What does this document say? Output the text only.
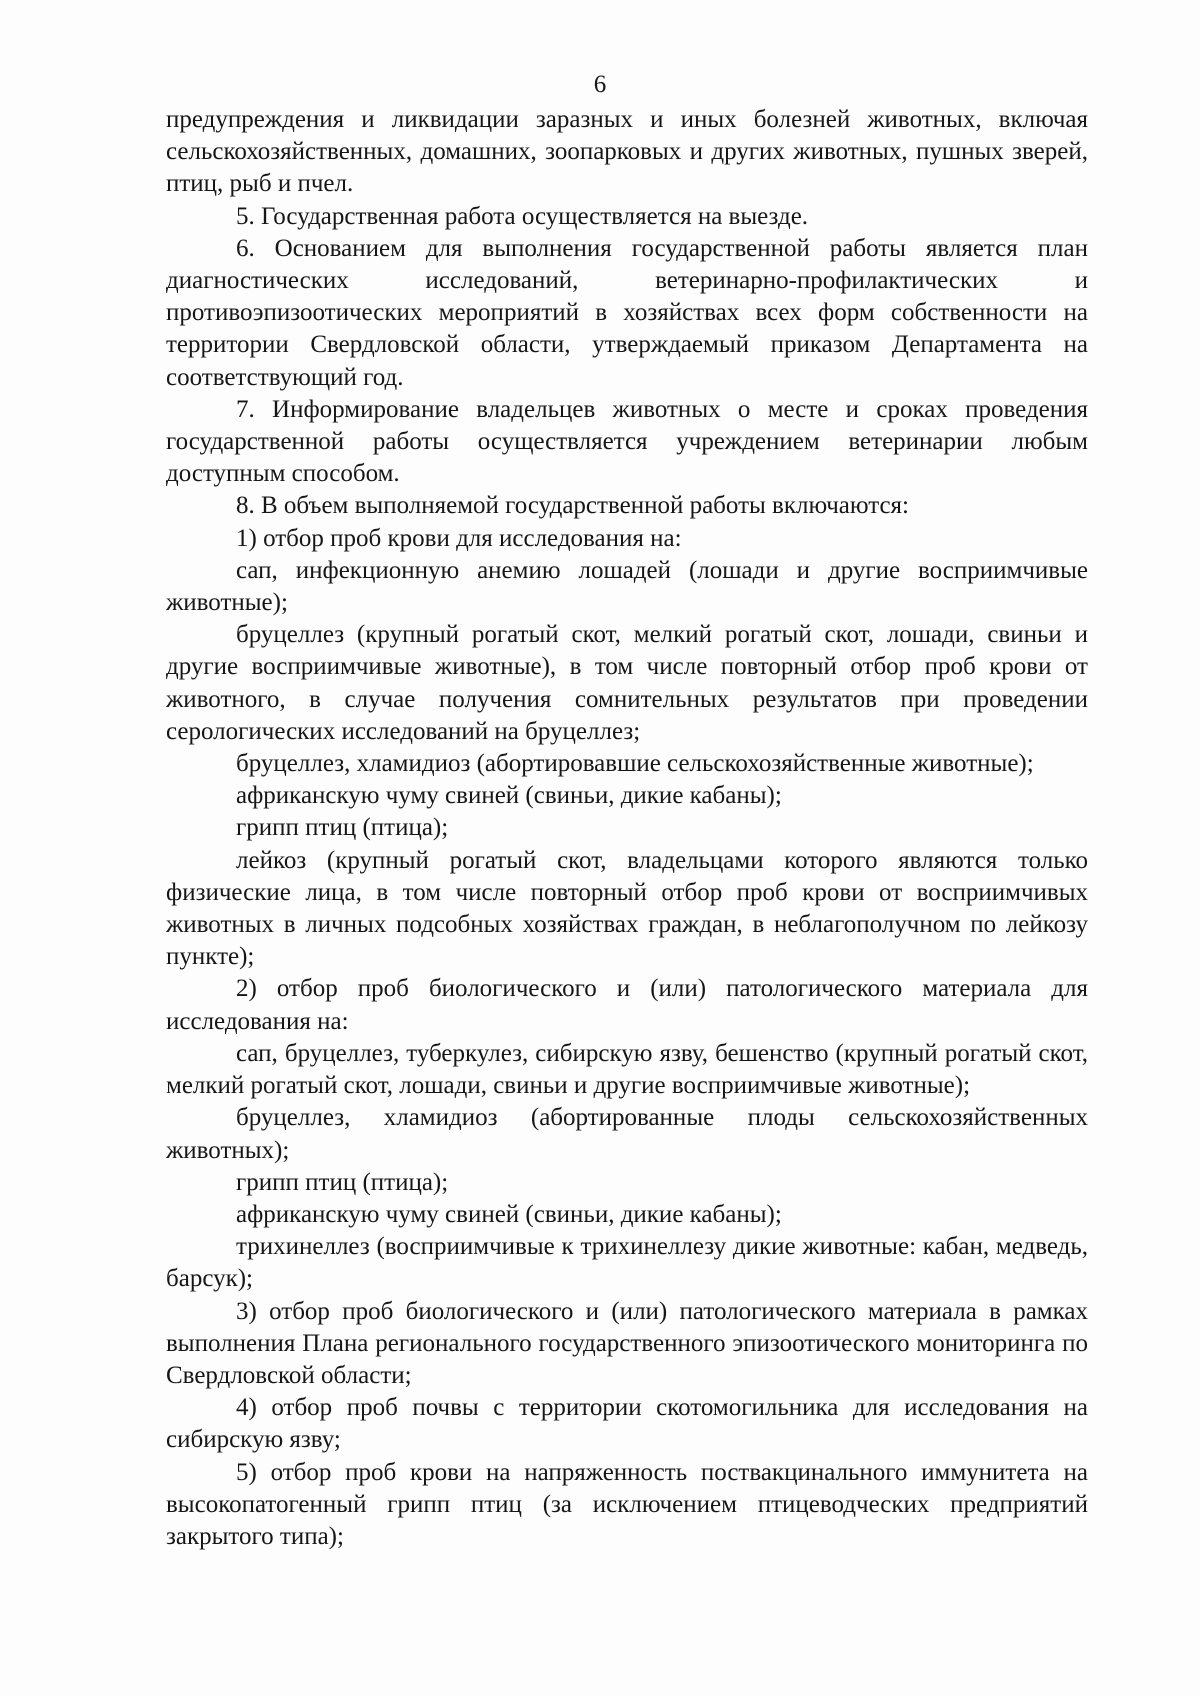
6

предупреждения и ликвидации заразных и иных болезней животных, включая сельскохозяйственных, домашних, зоопарковых и других животных, пушных зверей, птиц, рыб и пчел.

5. Государственная работа осуществляется на выезде.

6. Основанием для выполнения государственной работы является план диагностических исследований, ветеринарно-профилактических и противоэпизоотических мероприятий в хозяйствах всех форм собственности на территории Свердловской области, утверждаемый приказом Департамента на соответствующий год.

7. Информирование владельцев животных о месте и сроках проведения государственной работы осуществляется учреждением ветеринарии любым доступным способом.

8. В объем выполняемой государственной работы включаются:

1) отбор проб крови для исследования на:

сап, инфекционную анемию лошадей (лошади и другие восприимчивые животные);

бруцеллез (крупный рогатый скот, мелкий рогатый скот, лошади, свиньи и другие восприимчивые животные), в том числе повторный отбор проб крови от животного, в случае получения сомнительных результатов при проведении серологических исследований на бруцеллез;

бруцеллез, хламидиоз (абортировавшие сельскохозяйственные животные);

африканскую чуму свиней (свиньи, дикие кабаны);

грипп птиц (птица);

лейкоз (крупный рогатый скот, владельцами которого являются только физические лица, в том числе повторный отбор проб крови от восприимчивых животных в личных подсобных хозяйствах граждан, в неблагополучном по лейкозу пункте);

2) отбор проб биологического и (или) патологического материала для исследования на:

сап, бруцеллез, туберкулез, сибирскую язву, бешенство (крупный рогатый скот, мелкий рогатый скот, лошади, свиньи и другие восприимчивые животные);

бруцеллез, хламидиоз (абортированные плоды сельскохозяйственных животных);

грипп птиц (птица);

африканскую чуму свиней (свиньи, дикие кабаны);

трихинеллез (восприимчивые к трихинеллезу дикие животные: кабан, медведь, барсук);

3) отбор проб биологического и (или) патологического материала в рамках выполнения Плана регионального государственного эпизоотического мониторинга по Свердловской области;

4) отбор проб почвы с территории скотомогильника для исследования на сибирскую язву;

5) отбор проб крови на напряженность поствакцинального иммунитета на высокопатогенный грипп птиц (за исключением птицеводческих предприятий закрытого типа);
